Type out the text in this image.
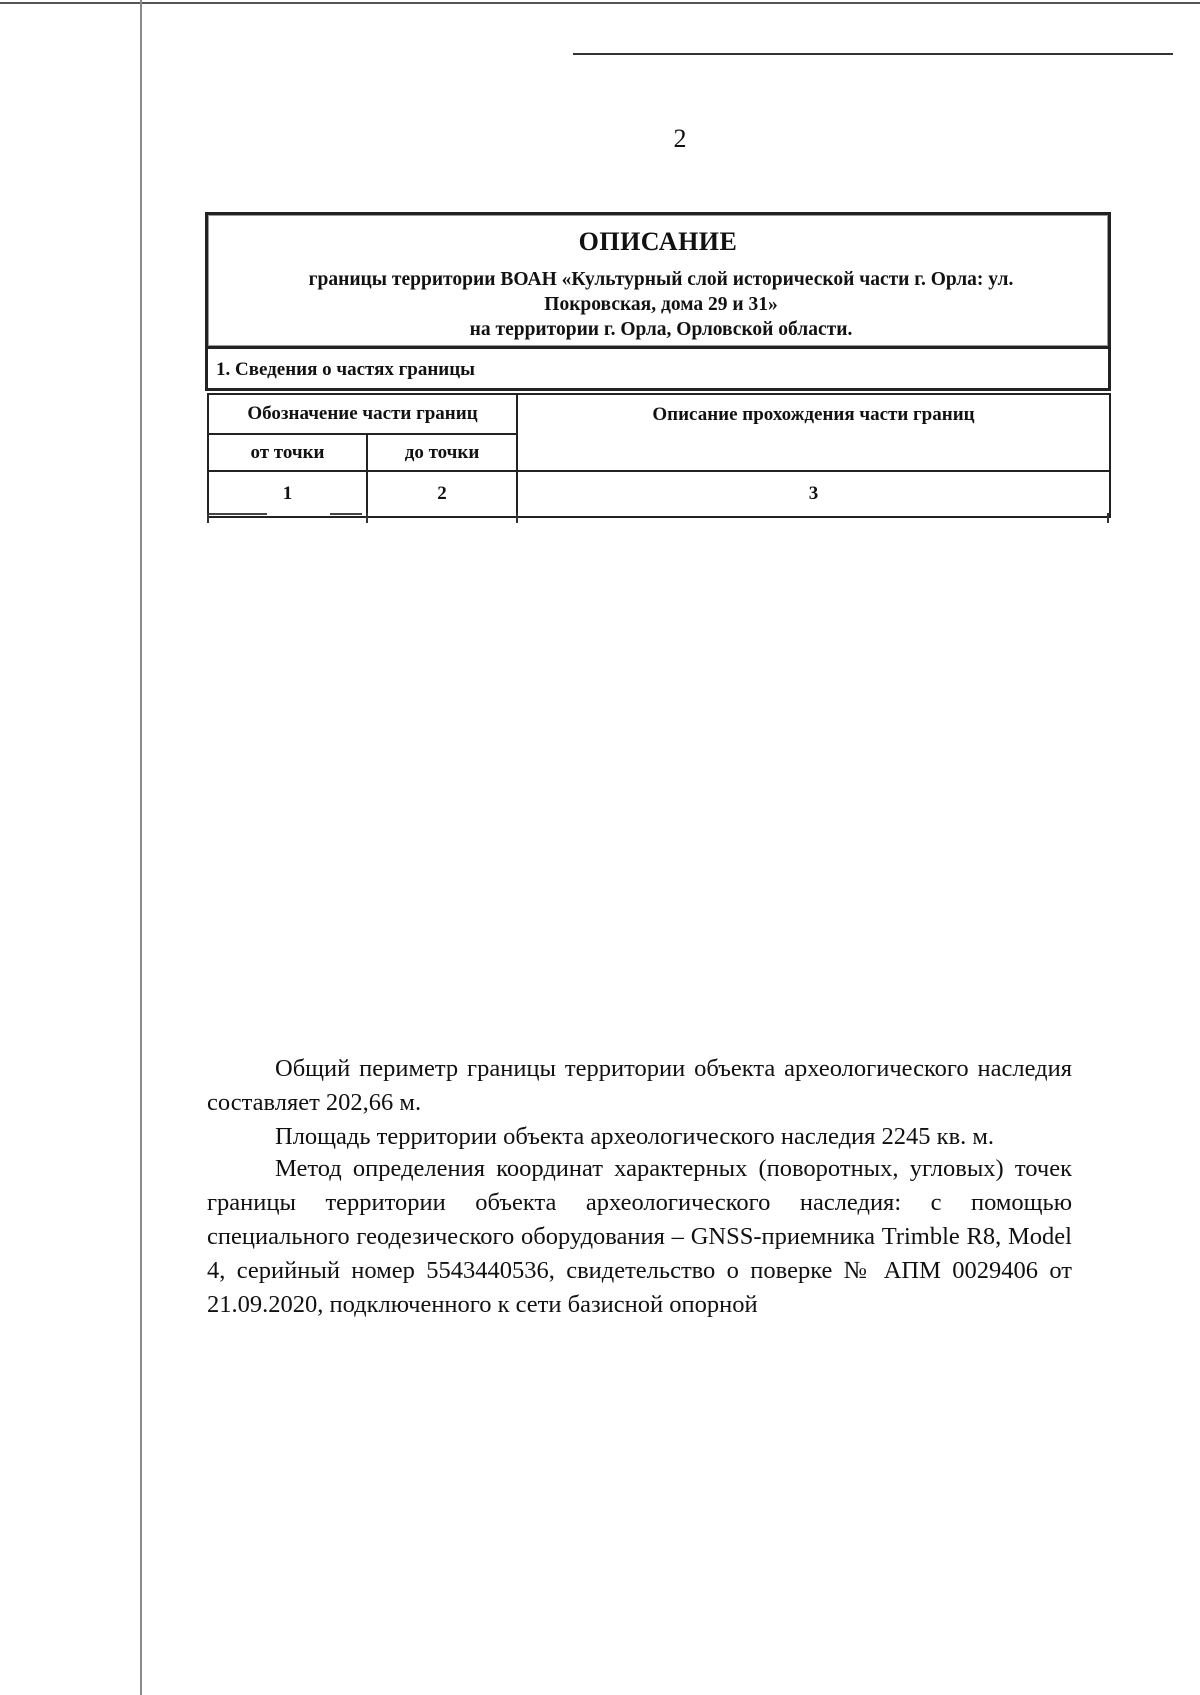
2
ОПИСАНИЕ
границы территории ВОАН «Культурный слой исторической части г. Орла: ул.
Покровская, дома 29 и 31»
на территории г. Орла, Орловской области.
1. Сведения о частях границы
Обозначение части границ		Описание прохождения части границ
от точки	до точки	
1	2	3
Общий периметр границы территории объекта археологического наследия составляет 202,66 м.
Площадь территории объекта археологического наследия 2245 кв. м.
Метод определения координат характерных (поворотных, угловых) точек границы территории объекта археологического наследия: с помощью специального геодезического оборудования – GNSS-приемника Trimble R8, Model 4, серийный номер 5543440536, свидетельство о поверке № АПМ 0029406 от 21.09.2020, подключенного к сети базисной опорной
